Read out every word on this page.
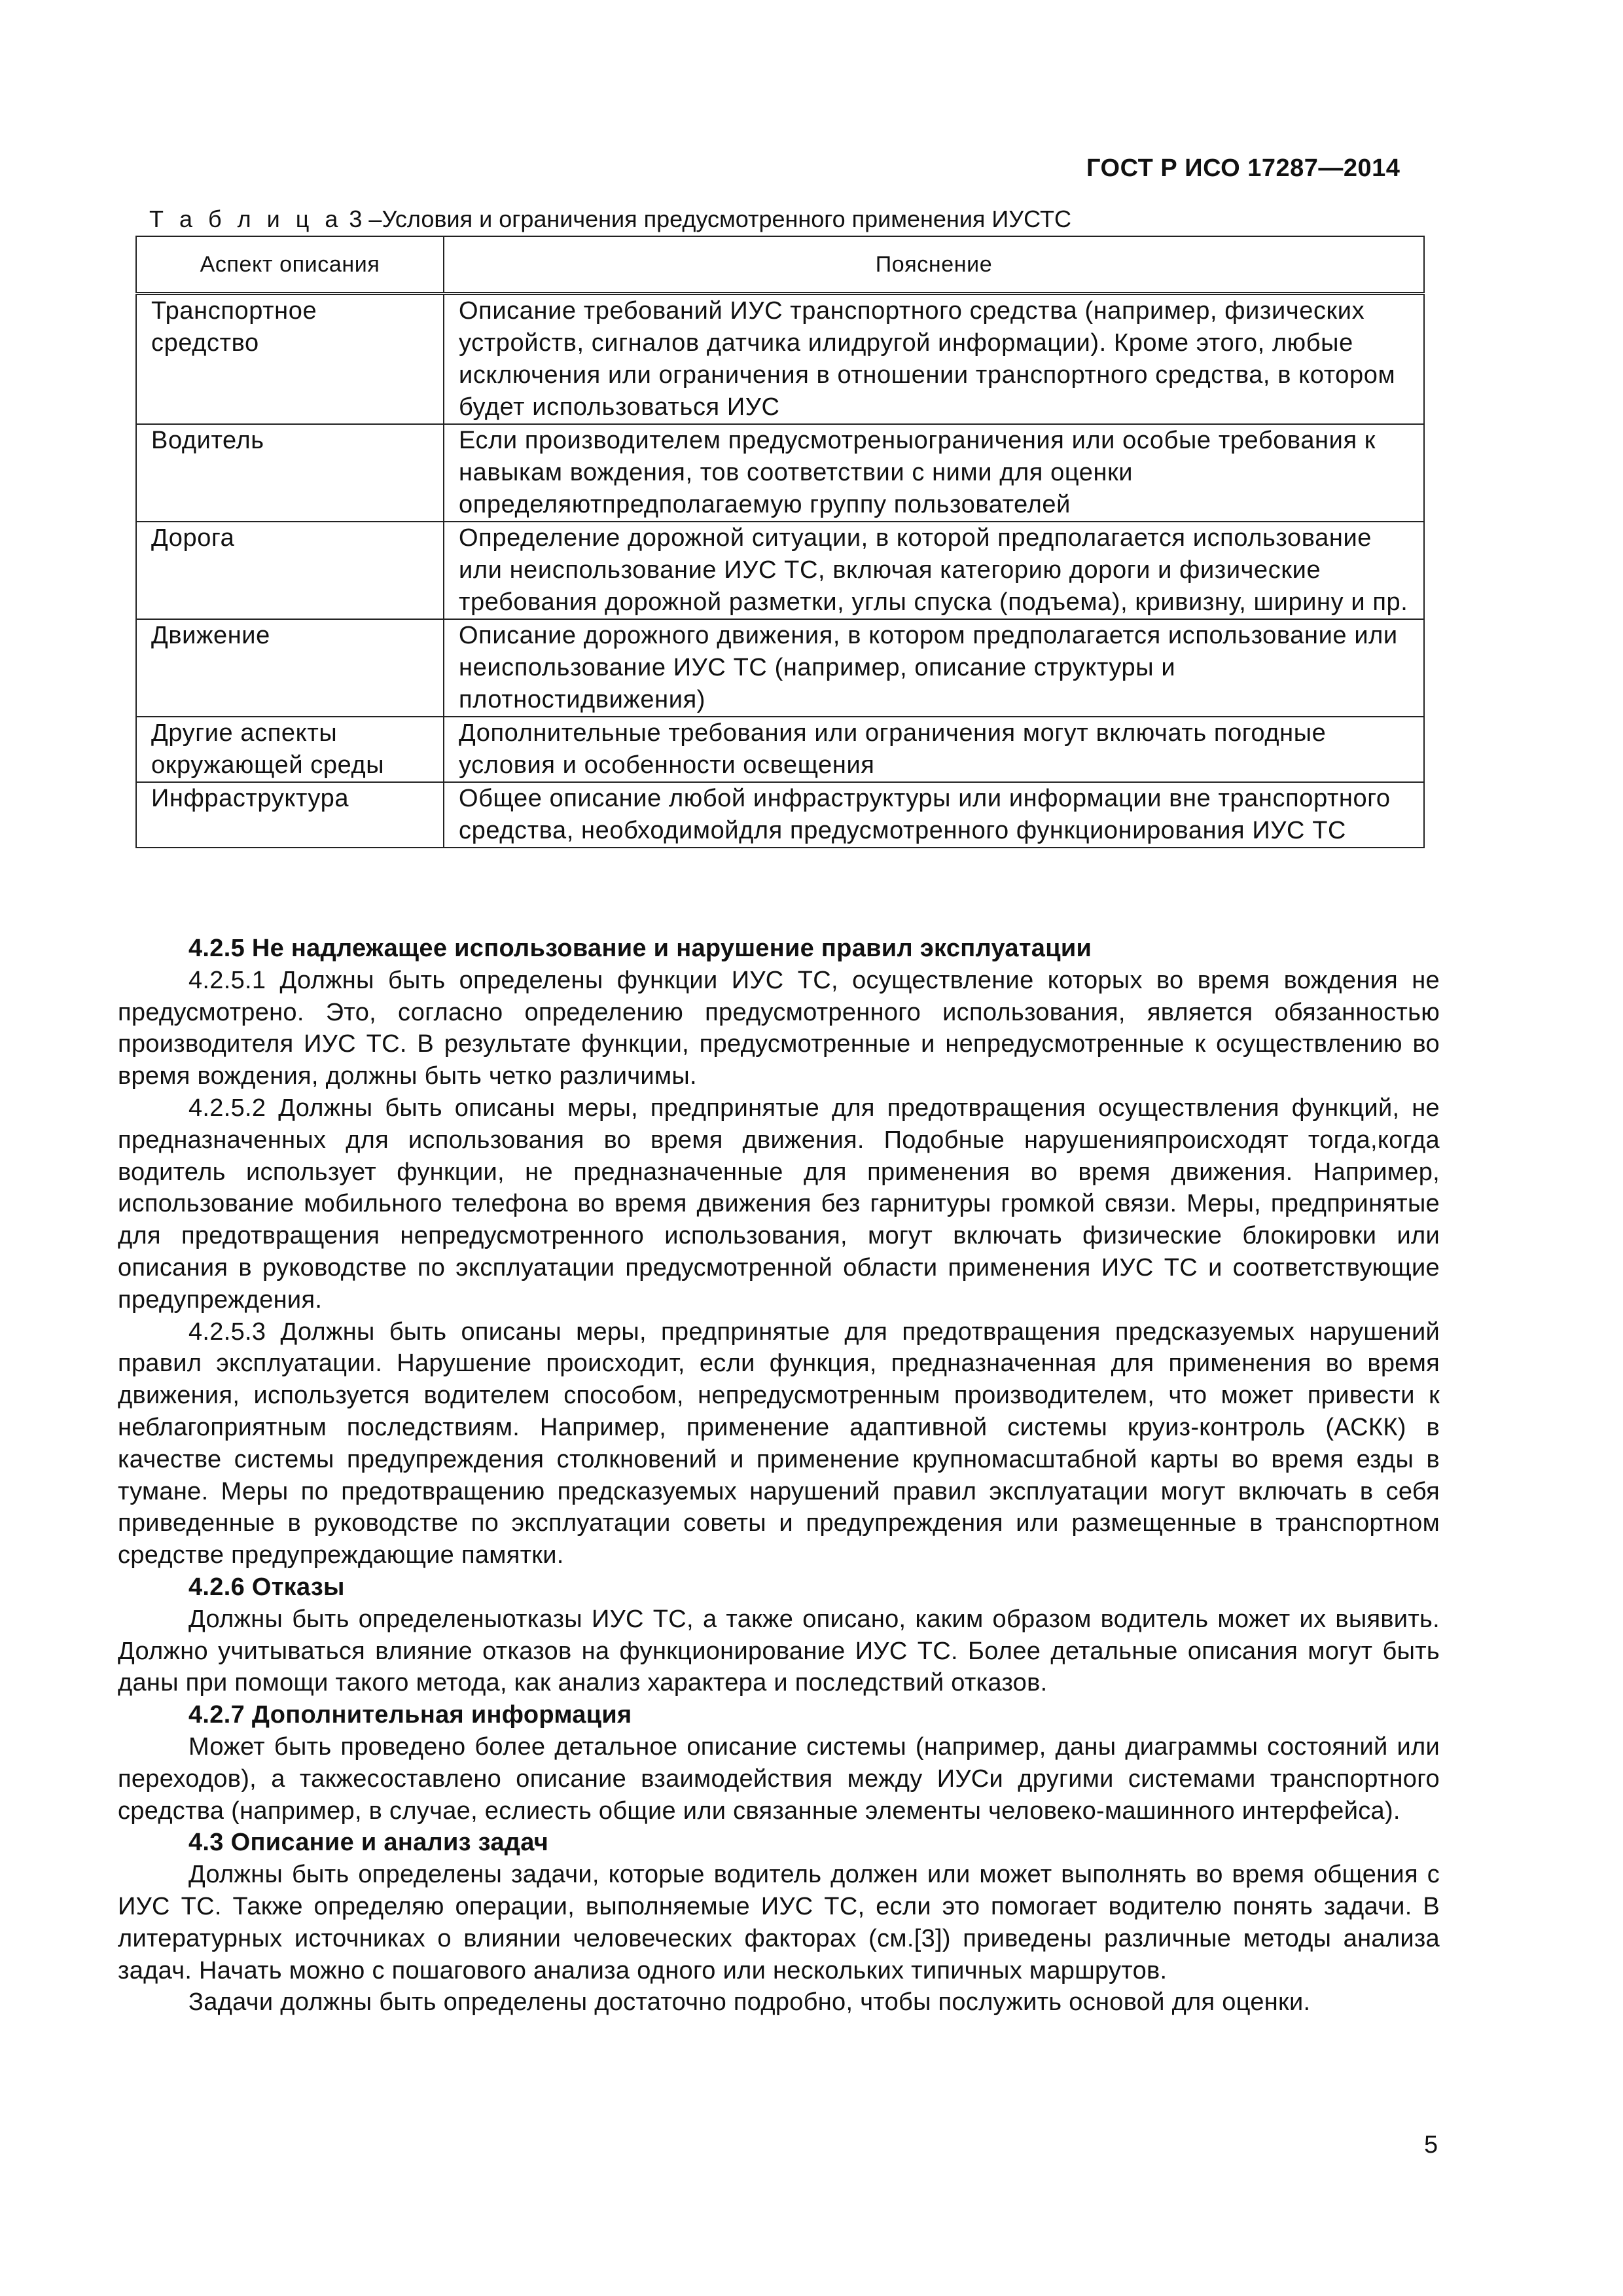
ГОСТ Р ИСО 17287—2014
Т а б л и ц а 3 –Условия и ограничения предусмотренного применения ИУСТС
Аспект описания	Пояснение

Транспортное средство	Описание требований ИУС транспортного средства (например, физических устройств, сигналов датчика илидругой информации). Кроме этого, любые исключения или ограничения в отношении транспортного средства, в котором будет использоваться ИУС
Водитель	Если производителем предусмотреныограничения или особые требования к навыкам вождения, тов соответствии с ними для оценки определяютпредполагаемую группу пользователей
Дорога	Определение дорожной ситуации, в которой предполагается использование или неиспользование ИУС ТС, включая категорию дороги и физические требования дорожной разметки, углы спуска (подъема), кривизну, ширину и пр.
Движение	Описание дорожного движения, в котором предполагается использование или неиспользование ИУС ТС (например, описание структуры и плотностидвижения)
Другие аспекты окружающей среды	Дополнительные требования или ограничения могут включать погодные условия и особенности освещения
Инфраструктура	Общее описание любой инфраструктуры или информации вне транспортного средства, необходимойдля предусмотренного функционирования ИУС ТС
4.2.5 Не надлежащее использование и нарушение правил эксплуатации

4.2.5.1 Должны быть определены функции ИУС ТС, осуществление которых во время вождения не предусмотрено. Это, согласно определению предусмотренного использования, является обязанностью производителя ИУС ТС. В результате функции, предусмотренные и непредусмотренные к осуществлению во время вождения, должны быть четко различимы.

4.2.5.2 Должны быть описаны меры, предпринятые для предотвращения осуществления функций, не предназначенных для использования во время движения. Подобные нарушенияпроисходят тогда,когда водитель использует функции, не предназначенные для применения во время движения. Например, использование мобильного телефона во время движения без гарнитуры громкой связи. Меры, предпринятые для предотвращения непредусмотренного использования, могут включать физические блокировки или описания в руководстве по эксплуатации предусмотренной области применения ИУС ТС и соответствующие предупреждения.

4.2.5.3 Должны быть описаны меры, предпринятые для предотвращения предсказуемых нарушений правил эксплуатации. Нарушение происходит, если функция, предназначенная для применения во время движения, используется водителем способом, непредусмотренным производителем, что может привести к неблагоприятным последствиям. Например, применение адаптивной системы круиз-контроль (АСКК) в качестве системы предупреждения столкновений и применение крупномасштабной карты во время езды в тумане. Меры по предотвращению предсказуемых нарушений правил эксплуатации могут включать в себя приведенные в руководстве по эксплуатации советы и предупреждения или размещенные в транспортном средстве предупреждающие памятки.

4.2.6 Отказы

Должны быть определеныотказы ИУС ТС, а также описано, каким образом водитель может их выявить. Должно учитываться влияние отказов на функционирование ИУС ТС. Более детальные описания могут быть даны при помощи такого метода, как анализ характера и последствий отказов.

4.2.7 Дополнительная информация

Может быть проведено более детальное описание системы (например, даны диаграммы состояний или переходов), а такжесоставлено описание взаимодействия между ИУСи другими системами транспортного средства (например, в случае, еслиесть общие или связанные элементы человеко-машинного интерфейса).

4.3 Описание и анализ задач

Должны быть определены задачи, которые водитель должен или может выполнять во время общения с ИУС ТС. Также определяю операции, выполняемые ИУС ТС, если это помогает водителю понять задачи. В литературных источниках о влиянии человеческих факторах (см.[3]) приведены различные методы анализа задач. Начать можно с пошагового анализа одного или нескольких типичных маршрутов.

Задачи должны быть определены достаточно подробно, чтобы послужить основой для оценки.

5
